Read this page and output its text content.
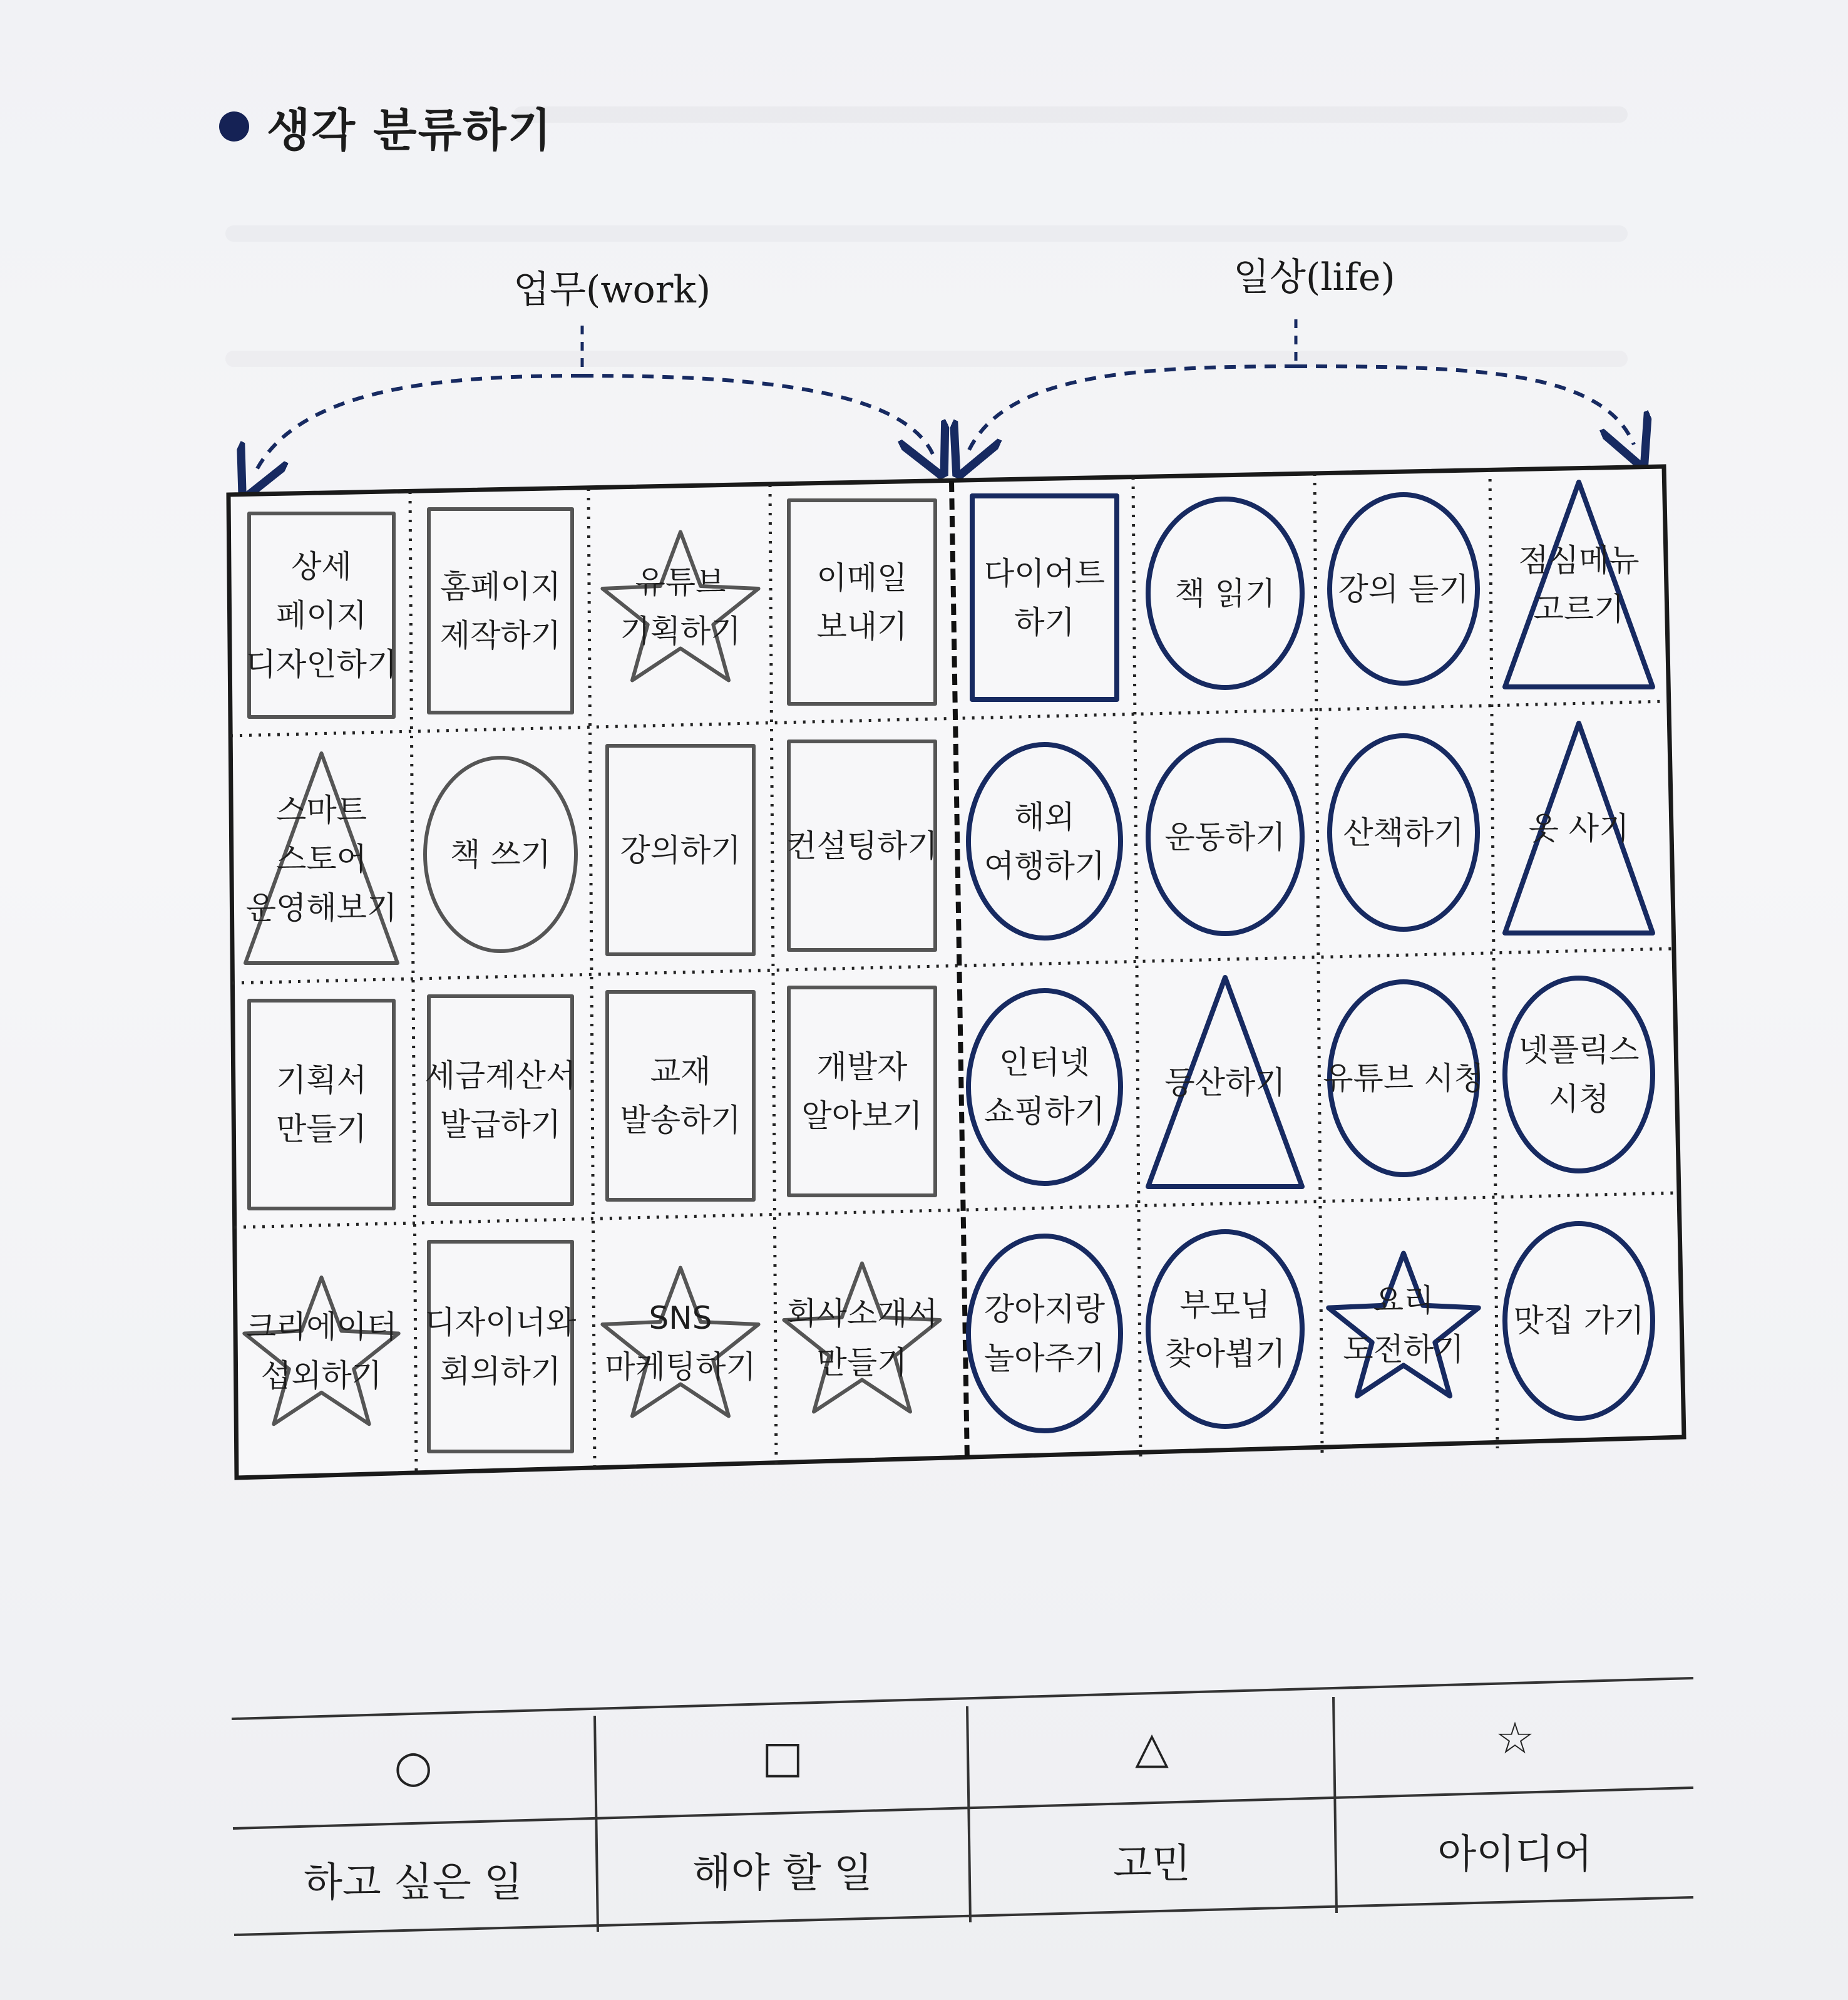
생각 분류하기
업무(work)	일상(life)
상세
페이지
디자인하기
홈페이지
제작하기
유튜브
기획하기
이메일
보내기
스마트
스토어
운영해보기
책 쓰기 강의하기 컨설팅하기
기획서
만들기
세금계산서
발급하기
교재
발송하기
개발자
알아보기
크리에이터
섭외하기
디자이너와
회의하기
SNS
마케팅하기
회사소개서
만들기
다이어트
하기
책 읽기 강의 듣기
점심메뉴
고르기
해외
여행하기
운동하기 산책하기 옷 사기
인터넷
쇼핑하기
등산하기 유튜브 시청
넷플릭스
시청
강아지랑
놀아주기
부모님
찾아뵙기
요리
도전하기
맛집 가기
○
하고 싶은 일
□
해야 할 일
△
고민
☆
아이디어
